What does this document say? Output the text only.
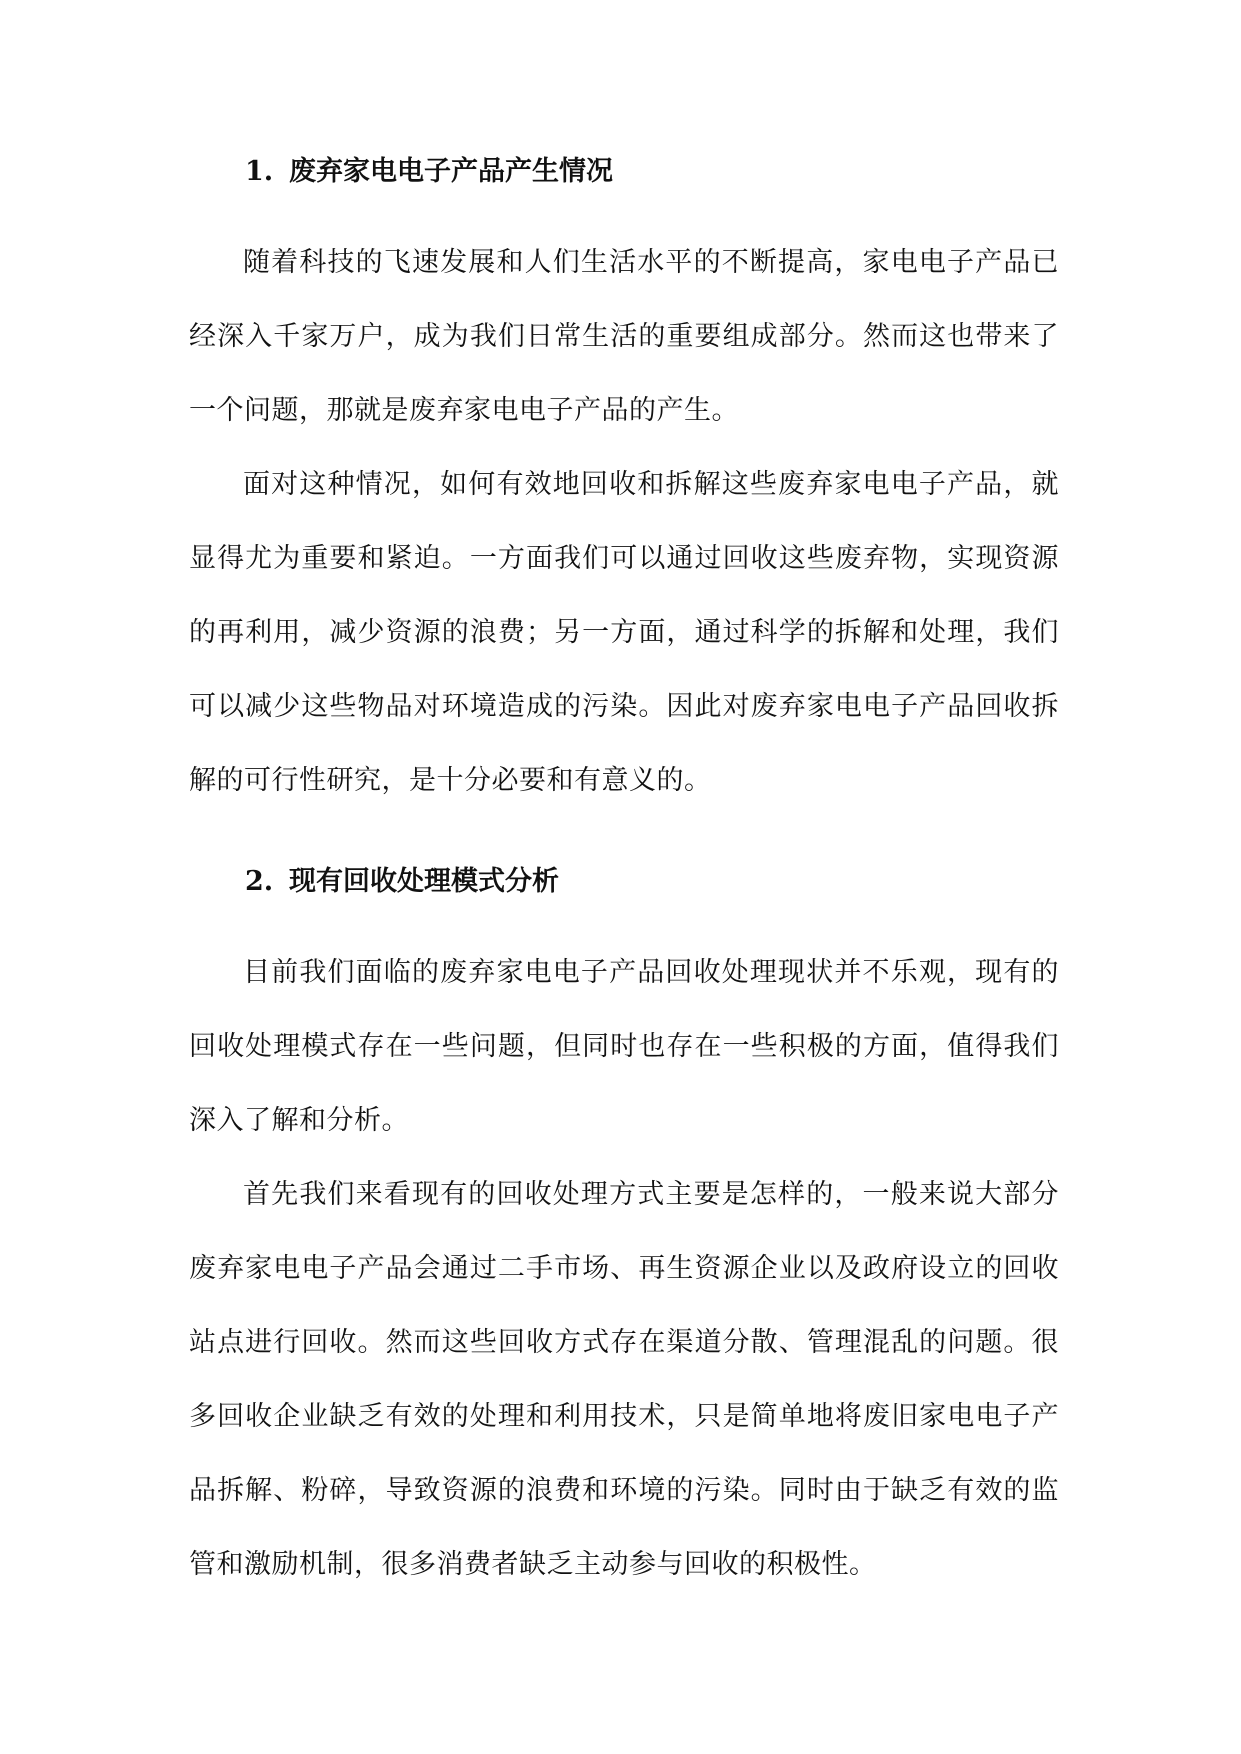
1. 废弃家电电子产品产生情况

随着科技的飞速发展和人们生活水平的不断提高，家电电子产品已经深入千家万户，成为我们日常生活的重要组成部分。然而这也带来了一个问题，那就是废弃家电电子产品的产生。

面对这种情况，如何有效地回收和拆解这些废弃家电电子产品，就显得尤为重要和紧迫。一方面我们可以通过回收这些废弃物，实现资源的再利用，减少资源的浪费；另一方面，通过科学的拆解和处理，我们可以减少这些物品对环境造成的污染。因此对废弃家电电子产品回收拆解的可行性研究，是十分必要和有意义的。

2. 现有回收处理模式分析

目前我们面临的废弃家电电子产品回收处理现状并不乐观，现有的回收处理模式存在一些问题，但同时也存在一些积极的方面，值得我们深入了解和分析。

首先我们来看现有的回收处理方式主要是怎样的，一般来说大部分废弃家电电子产品会通过二手市场、再生资源企业以及政府设立的回收站点进行回收。然而这些回收方式存在渠道分散、管理混乱的问题。很多回收企业缺乏有效的处理和利用技术，只是简单地将废旧家电电子产品拆解、粉碎，导致资源的浪费和环境的污染。同时由于缺乏有效的监管和激励机制，很多消费者缺乏主动参与回收的积极性。
